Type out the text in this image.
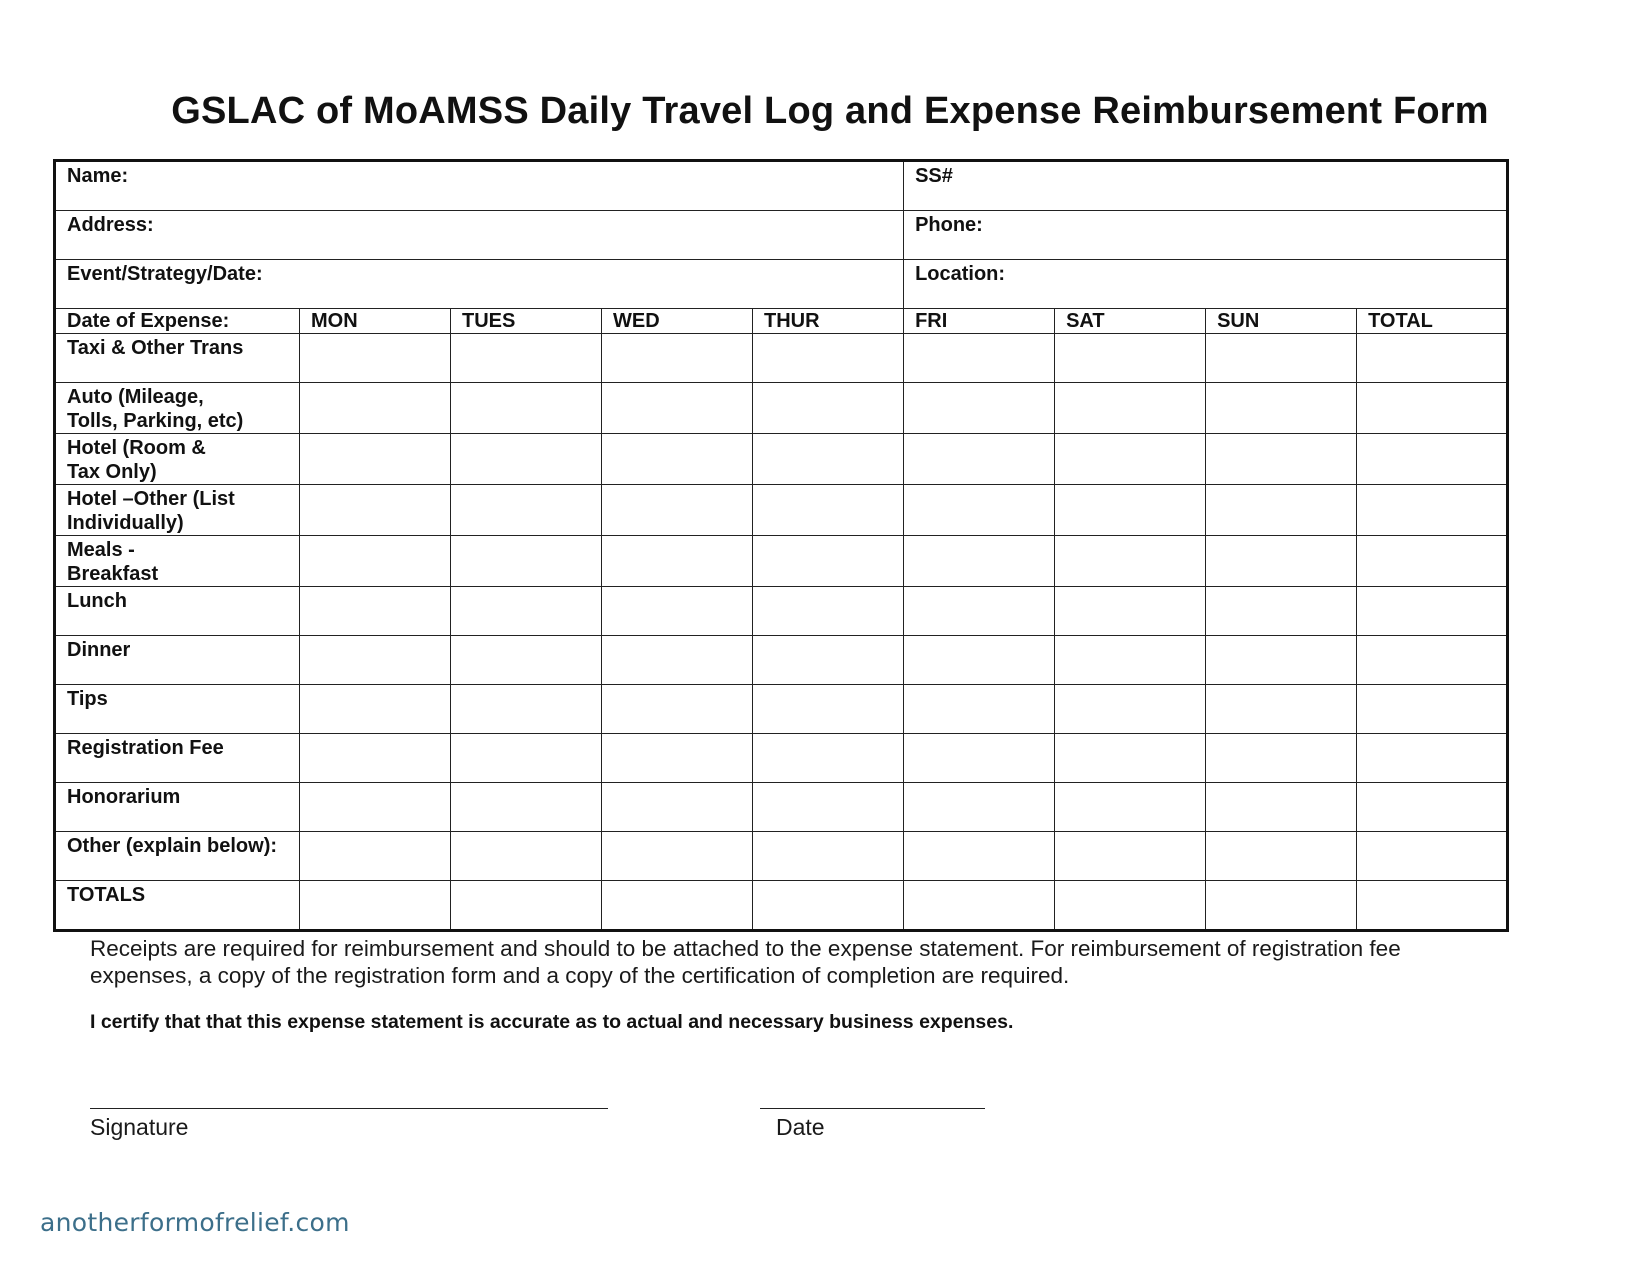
GSLAC of MoAMSS Daily Travel Log and Expense Reimbursement Form
Name:					SS#			

Address:					Phone:			

Event/Strategy/Date:					Location:			

Date of Expense:	MON	TUES	WED	THUR	FRI	SAT	SUN	TOTAL

Taxi & Other Trans								

Auto (Mileage,
Tolls, Parking, etc)								

Hotel (Room &
Tax Only)								

Hotel –Other (List
Individually)								

Meals -
Breakfast								

Lunch								

Dinner								

Tips								

Registration Fee								

Honorarium								

Other (explain below):								

TOTALS								

Receipts are required for reimbursement and should to be attached to the expense statement. For reimbursement of registration fee expenses, a copy of the registration form and a copy of the certification of completion are required.
I certify that that this expense statement is accurate as to actual and necessary business expenses.
Signature	Date
anotherformofrelief.com
